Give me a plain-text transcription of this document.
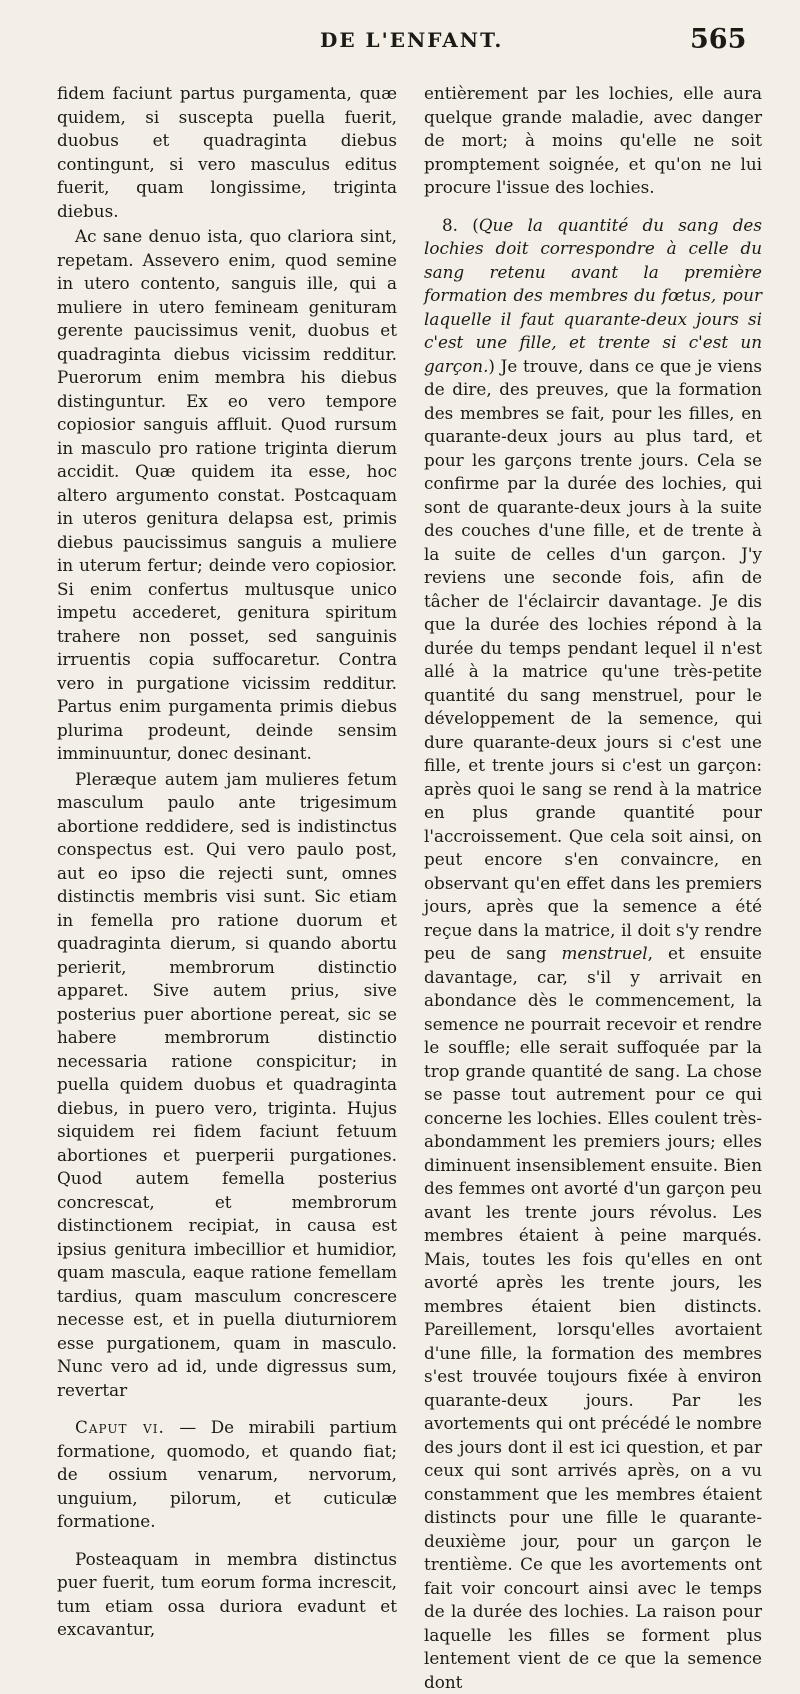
DE L'ENFANT.	565

fidem faciunt partus purgamenta, quæ quidem, si suscepta puella fuerit, duobus et quadraginta diebus contingunt, si vero masculus editus fuerit, quam longissime, triginta diebus.

Ac sane denuo ista, quo clariora sint, repetam. Assevero enim, quod semine in utero contento, sanguis ille, qui a muliere in utero femineam genituram gerente paucissimus venit, duobus et quadraginta diebus vicissim redditur. Puerorum enim membra his diebus distinguntur. Ex eo vero tempore copiosior sanguis affluit. Quod rursum in masculo pro ratione triginta dierum accidit. Quæ quidem ita esse, hoc altero argumento constat. Postcaquam in uteros genitura delapsa est, primis diebus paucissimus sanguis a muliere in uterum fertur; deinde vero copiosior. Si enim confertus multusque unico impetu accederet, genitura spiritum trahere non posset, sed sanguinis irruentis copia suffocaretur. Contra vero in purgatione vicissim redditur. Partus enim purgamenta primis diebus plurima prodeunt, deinde sensim imminuuntur, donec desinant.

Pleræque autem jam mulieres fetum masculum paulo ante trigesimum abortione reddidere, sed is indistinctus conspectus est. Qui vero paulo post, aut eo ipso die rejecti sunt, omnes distinctis membris visi sunt. Sic etiam in femella pro ratione duorum et quadraginta dierum, si quando abortu perierit, membrorum distinctio apparet. Sive autem prius, sive posterius puer abortione pereat, sic se habere membrorum distinctio necessaria ratione conspicitur; in puella quidem duobus et quadraginta diebus, in puero vero, triginta. Hujus siquidem rei fidem faciunt fetuum abortiones et puerperii purgationes. Quod autem femella posterius concrescat, et membrorum distinctionem recipiat, in causa est ipsius genitura imbecillior et humidior, quam mascula, eaque ratione femellam tardius, quam masculum concrescere necesse est, et in puella diuturniorem esse purgationem, quam in masculo. Nunc vero ad id, unde digressus sum, revertar

Caput vi. — De mirabili partium formatione, quomodo, et quando fiat; de ossium venarum, nervorum, unguium, pilorum, et cuticulæ formatione.

Posteaquam in membra distinctus puer fuerit, tum eorum forma increscit, tum etiam ossa duriora evadunt et excavantur,

entièrement par les lochies, elle aura quelque grande maladie, avec danger de mort; à moins qu'elle ne soit promptement soignée, et qu'on ne lui procure l'issue des lochies.

8. (Que la quantité du sang des lochies doit correspondre à celle du sang retenu avant la première formation des membres du fœtus, pour laquelle il faut quarante-deux jours si c'est une fille, et trente si c'est un garçon.) Je trouve, dans ce que je viens de dire, des preuves, que la formation des membres se fait, pour les filles, en quarante-deux jours au plus tard, et pour les garçons trente jours. Cela se confirme par la durée des lochies, qui sont de quarante-deux jours à la suite des couches d'une fille, et de trente à la suite de celles d'un garçon. J'y reviens une seconde fois, afin de tâcher de l'éclaircir davantage. Je dis que la durée des lochies répond à la durée du temps pendant lequel il n'est allé à la matrice qu'une très-petite quantité du sang menstruel, pour le développement de la semence, qui dure quarante-deux jours si c'est une fille, et trente jours si c'est un garçon: après quoi le sang se rend à la matrice en plus grande quantité pour l'accroissement. Que cela soit ainsi, on peut encore s'en convaincre, en observant qu'en effet dans les premiers jours, après que la semence a été reçue dans la matrice, il doit s'y rendre peu de sang menstruel, et ensuite davantage, car, s'il y arrivait en abondance dès le commencement, la semence ne pourrait recevoir et rendre le souffle; elle serait suffoquée par la trop grande quantité de sang. La chose se passe tout autrement pour ce qui concerne les lochies. Elles coulent très-abondamment les premiers jours; elles diminuent insensiblement ensuite. Bien des femmes ont avorté d'un garçon peu avant les trente jours révolus. Les membres étaient à peine marqués. Mais, toutes les fois qu'elles en ont avorté après les trente jours, les membres étaient bien distincts. Pareillement, lorsqu'elles avortaient d'une fille, la formation des membres s'est trouvée toujours fixée à environ quarante-deux jours. Par les avortements qui ont précédé le nombre des jours dont il est ici question, et par ceux qui sont arrivés après, on a vu constamment que les membres étaient distincts pour une fille le quarante-deuxième jour, pour un garçon le trentième. Ce que les avortements ont fait voir concourt ainsi avec le temps de la durée des lochies. La raison pour laquelle les filles se forment plus lentement vient de ce que la semence dont
